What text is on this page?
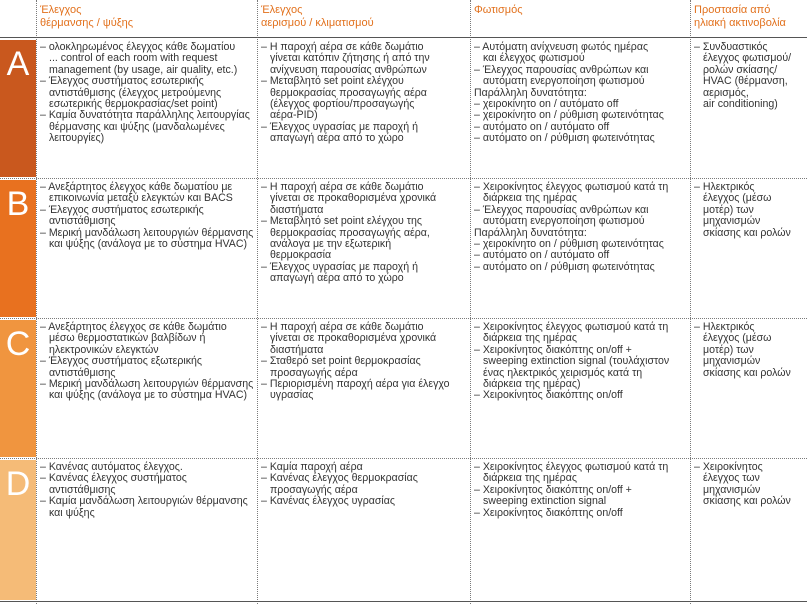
Έλεγχος
θέρμανσης / ψύξης
Έλεγχος
αερισμού / κλιματισμού
Φωτισμός	Προστασία από
ηλιακή ακτινοβολία
A
B
C
D
– ολοκληρωμένος έλεγχος κάθε δωματίου
... control of each room with request
management (by usage, air quality, etc.)
– Έλεγχος συστήματος εσωτερικής
αντιστάθμισης (έλεγχος μετρούμενης
εσωτερικής θερμοκρασίας/set point)
– Καμία δυνατότητα παράλληλης λειτουργίας
θέρμανσης και ψύξης (μανδαλωμένες
λειτουργίες)
– Η παροχή αέρα σε κάθε δωμάτιο
γίνεται κατόπιν ζήτησης ή από την
ανίχνευση παρουσίας ανθρώπων
– Μεταβλητό set point ελέγχου
θερμοκρασίας προσαγωγής αέρα
(έλεγχος φορτίου/προσαγωγής
αέρα-PID)
– Έλεγχος υγρασίας με παροχή ή
απαγωγή αέρα από το χώρο
– Αυτόματη ανίχνευση φωτός ημέρας
και έλεγχος φωτισμού
– Έλεγχος παρουσίας ανθρώπων και
αυτόματη ενεργοποίηση φωτισμού
Παράλληλη δυνατότητα:
– χειροκίνητο on / αυτόματο off
– χειροκίνητο on / ρύθμιση φωτεινότητας
– αυτόματο on / αυτόματο off
– αυτόματο on / ρύθμιση φωτεινότητας
– Συνδυαστικός
έλεγχος φωτισμού/
ρολών σκίασης/
HVAC (θέρμανση,
αερισμός,
air conditioning)
– Ανεξάρτητος έλεγχος κάθε δωματίου με
επικοινωνία μεταξύ ελεγκτών και BACS
– Έλεγχος συστήματος εσωτερικής
αντιστάθμισης
– Μερική μανδάλωση λειτουργιών θέρμανσης
και ψύξης (ανάλογα με το σύστημα HVAC)
– Η παροχή αέρα σε κάθε δωμάτιο
γίνεται σε προκαθορισμένα χρονικά
διαστήματα
– Μεταβλητό set point ελέγχου της
θερμοκρασίας προσαγωγής αέρα,
ανάλογα με την εξωτερική
θερμοκρασία
– Έλεγχος υγρασίας με παροχή ή
απαγωγή αέρα από το χώρο
– Χειροκίνητος έλεγχος φωτισμού κατά τη
διάρκεια της ημέρας
– Έλεγχος παρουσίας ανθρώπων και
αυτόματη ενεργοποίηση φωτισμού
Παράλληλη δυνατότητα:
– χειροκίνητο on / ρύθμιση φωτεινότητας
– αυτόματο on / αυτόματο off
– αυτόματο on / ρύθμιση φωτεινότητας
– Ηλεκτρικός
έλεγχος (μέσω
μοτέρ) των
μηχανισμών
σκίασης και ρολών
– Ανεξάρτητος έλεγχος σε κάθε δωμάτιο
μέσω θερμοστατικών βαλβίδων ή
ηλεκτρονικών ελεγκτών
– Έλεγχος συστήματος εξωτερικής
αντιστάθμισης
– Μερική μανδάλωση λειτουργιών θέρμανσης
και ψύξης (ανάλογα με το σύστημα HVAC)
– Η παροχή αέρα σε κάθε δωμάτιο
γίνεται σε προκαθορισμένα χρονικά
διαστήματα
– Σταθερό set point θερμοκρασίας
προσαγωγής αέρα
– Περιορισμένη παροχή αέρα για έλεγχο
υγρασίας
– Χειροκίνητος έλεγχος φωτισμού κατά τη
διάρκεια της ημέρας
– Χειροκίνητος διακόπτης on/off +
sweeping extinction signal (τουλάχιστον
ένας ηλεκτρικός χειρισμός κατά τη
διάρκεια της ημέρας)
– Χειροκίνητος διακόπτης on/off
– Ηλεκτρικός
έλεγχος (μέσω
μοτέρ) των
μηχανισμών
σκίασης και ρολών
– Κανένας αυτόματος έλεγχος.
– Κανένας έλεγχος συστήματος
αντιστάθμισης
– Καμία μανδάλωση λειτουργιών θέρμανσης
και ψύξης
– Καμία παροχή αέρα
– Κανένας έλεγχος θερμοκρασίας
προσαγωγής αέρα
– Κανένας έλεγχος υγρασίας
– Χειροκίνητος έλεγχος φωτισμού κατά τη
διάρκεια της ημέρας
– Χειροκίνητος διακόπτης on/off +
sweeping extinction signal
– Χειροκίνητος διακόπτης on/off
– Χειροκίνητος
έλεγχος των
μηχανισμών
σκίασης και ρολών
